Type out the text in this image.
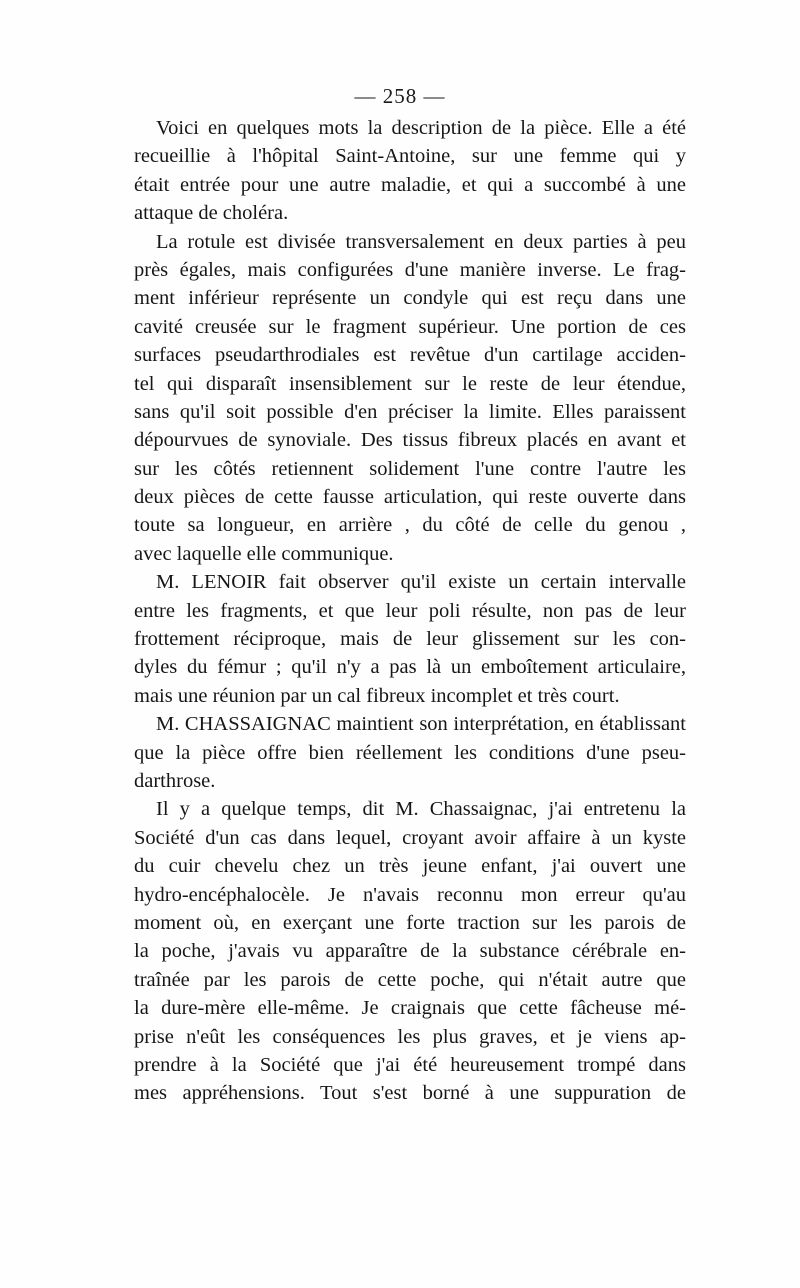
— 258 —
Voici en quelques mots la description de la pièce. Elle a été
recueillie à l'hôpital Saint-Antoine, sur une femme qui y
était entrée pour une autre maladie, et qui a succombé à une
attaque de choléra.
La rotule est divisée transversalement en deux parties à peu
près égales, mais configurées d'une manière inverse. Le frag-
ment inférieur représente un condyle qui est reçu dans une
cavité creusée sur le fragment supérieur. Une portion de ces
surfaces pseudarthrodiales est revêtue d'un cartilage acciden-
tel qui disparaît insensiblement sur le reste de leur étendue,
sans qu'il soit possible d'en préciser la limite. Elles paraissent
dépourvues de synoviale. Des tissus fibreux placés en avant et
sur les côtés retiennent solidement l'une contre l'autre les
deux pièces de cette fausse articulation, qui reste ouverte dans
toute sa longueur, en arrière , du côté de celle du genou ,
avec laquelle elle communique.
M. LENOIR fait observer qu'il existe un certain intervalle
entre les fragments, et que leur poli résulte, non pas de leur
frottement réciproque, mais de leur glissement sur les con-
dyles du fémur ; qu'il n'y a pas là un emboîtement articulaire,
mais une réunion par un cal fibreux incomplet et très court.
M. CHASSAIGNAC maintient son interprétation, en établissant
que la pièce offre bien réellement les conditions d'une pseu-
darthrose.
Il y a quelque temps, dit M. Chassaignac, j'ai entretenu la
Société d'un cas dans lequel, croyant avoir affaire à un kyste
du cuir chevelu chez un très jeune enfant, j'ai ouvert une
hydro-encéphalocèle. Je n'avais reconnu mon erreur qu'au
moment où, en exerçant une forte traction sur les parois de
la poche, j'avais vu apparaître de la substance cérébrale en-
traînée par les parois de cette poche, qui n'était autre que
la dure-mère elle-même. Je craignais que cette fâcheuse mé-
prise n'eût les conséquences les plus graves, et je viens ap-
prendre à la Société que j'ai été heureusement trompé dans
mes appréhensions. Tout s'est borné à une suppuration de
